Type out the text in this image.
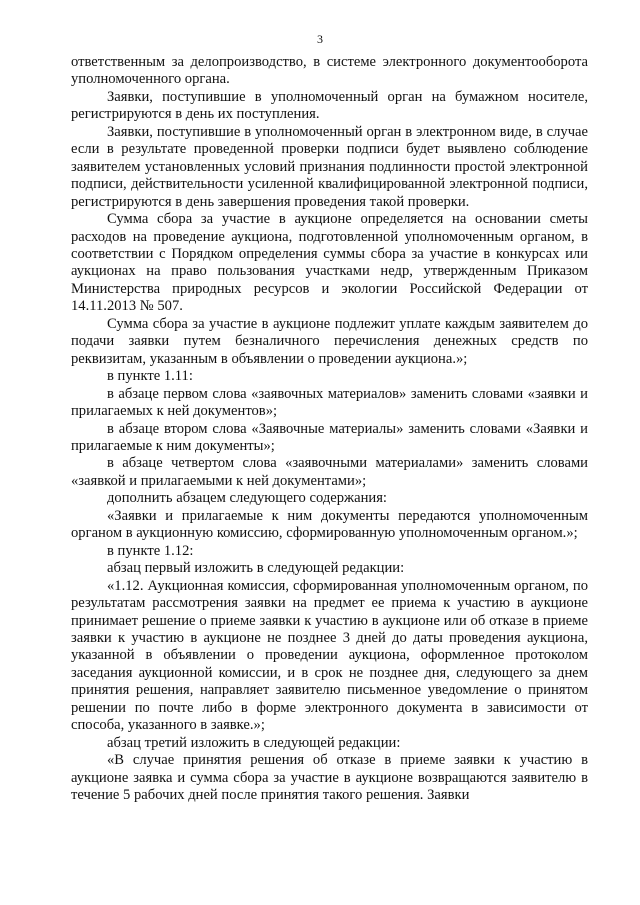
3

ответственным за делопроизводство, в системе электронного документооборота уполномоченного органа.

Заявки, поступившие в уполномоченный орган на бумажном носителе, регистрируются в день их поступления.

Заявки, поступившие в уполномоченный орган в электронном виде, в случае если в результате проведенной проверки подписи будет выявлено соблюдение заявителем установленных условий признания подлинности простой электронной подписи, действительности усиленной квалифицированной электронной подписи, регистрируются в день завершения проведения такой проверки.

Сумма сбора за участие в аукционе определяется на основании сметы расходов на проведение аукциона, подготовленной уполномоченным органом, в соответствии с Порядком определения суммы сбора за участие в конкурсах или аукционах на право пользования участками недр, утвержденным Приказом Министерства природных ресурсов и экологии Российской Федерации от 14.11.2013 № 507.

Сумма сбора за участие в аукционе подлежит уплате каждым заявителем до подачи заявки путем безналичного перечисления денежных средств по реквизитам, указанным в объявлении о проведении аукциона.»;

в пункте 1.11:

в абзаце первом слова «заявочных материалов» заменить словами «заявки и прилагаемых к ней документов»;

в абзаце втором слова «Заявочные материалы» заменить словами «Заявки и прилагаемые к ним документы»;

в абзаце четвертом слова «заявочными материалами» заменить словами «заявкой и прилагаемыми к ней документами»;

дополнить абзацем следующего содержания:

«Заявки и прилагаемые к ним документы передаются уполномоченным органом в аукционную комиссию, сформированную уполномоченным органом.»;

в пункте 1.12:

абзац первый изложить в следующей редакции:

«1.12. Аукционная комиссия, сформированная уполномоченным органом, по результатам рассмотрения заявки на предмет ее приема к участию в аукционе принимает решение о приеме заявки к участию в аукционе или об отказе в приеме заявки к участию в аукционе не позднее 3 дней до даты проведения аукциона, указанной в объявлении о проведении аукциона, оформленное протоколом заседания аукционной комиссии, и в срок не позднее дня, следующего за днем принятия решения, направляет заявителю письменное уведомление о принятом решении по почте либо в форме электронного документа в зависимости от способа, указанного в заявке.»;

абзац третий изложить в следующей редакции:

«В случае принятия решения об отказе в приеме заявки к участию в аукционе заявка и сумма сбора за участие в аукционе возвращаются заявителю в течение 5 рабочих дней после принятия такого решения. Заявки
